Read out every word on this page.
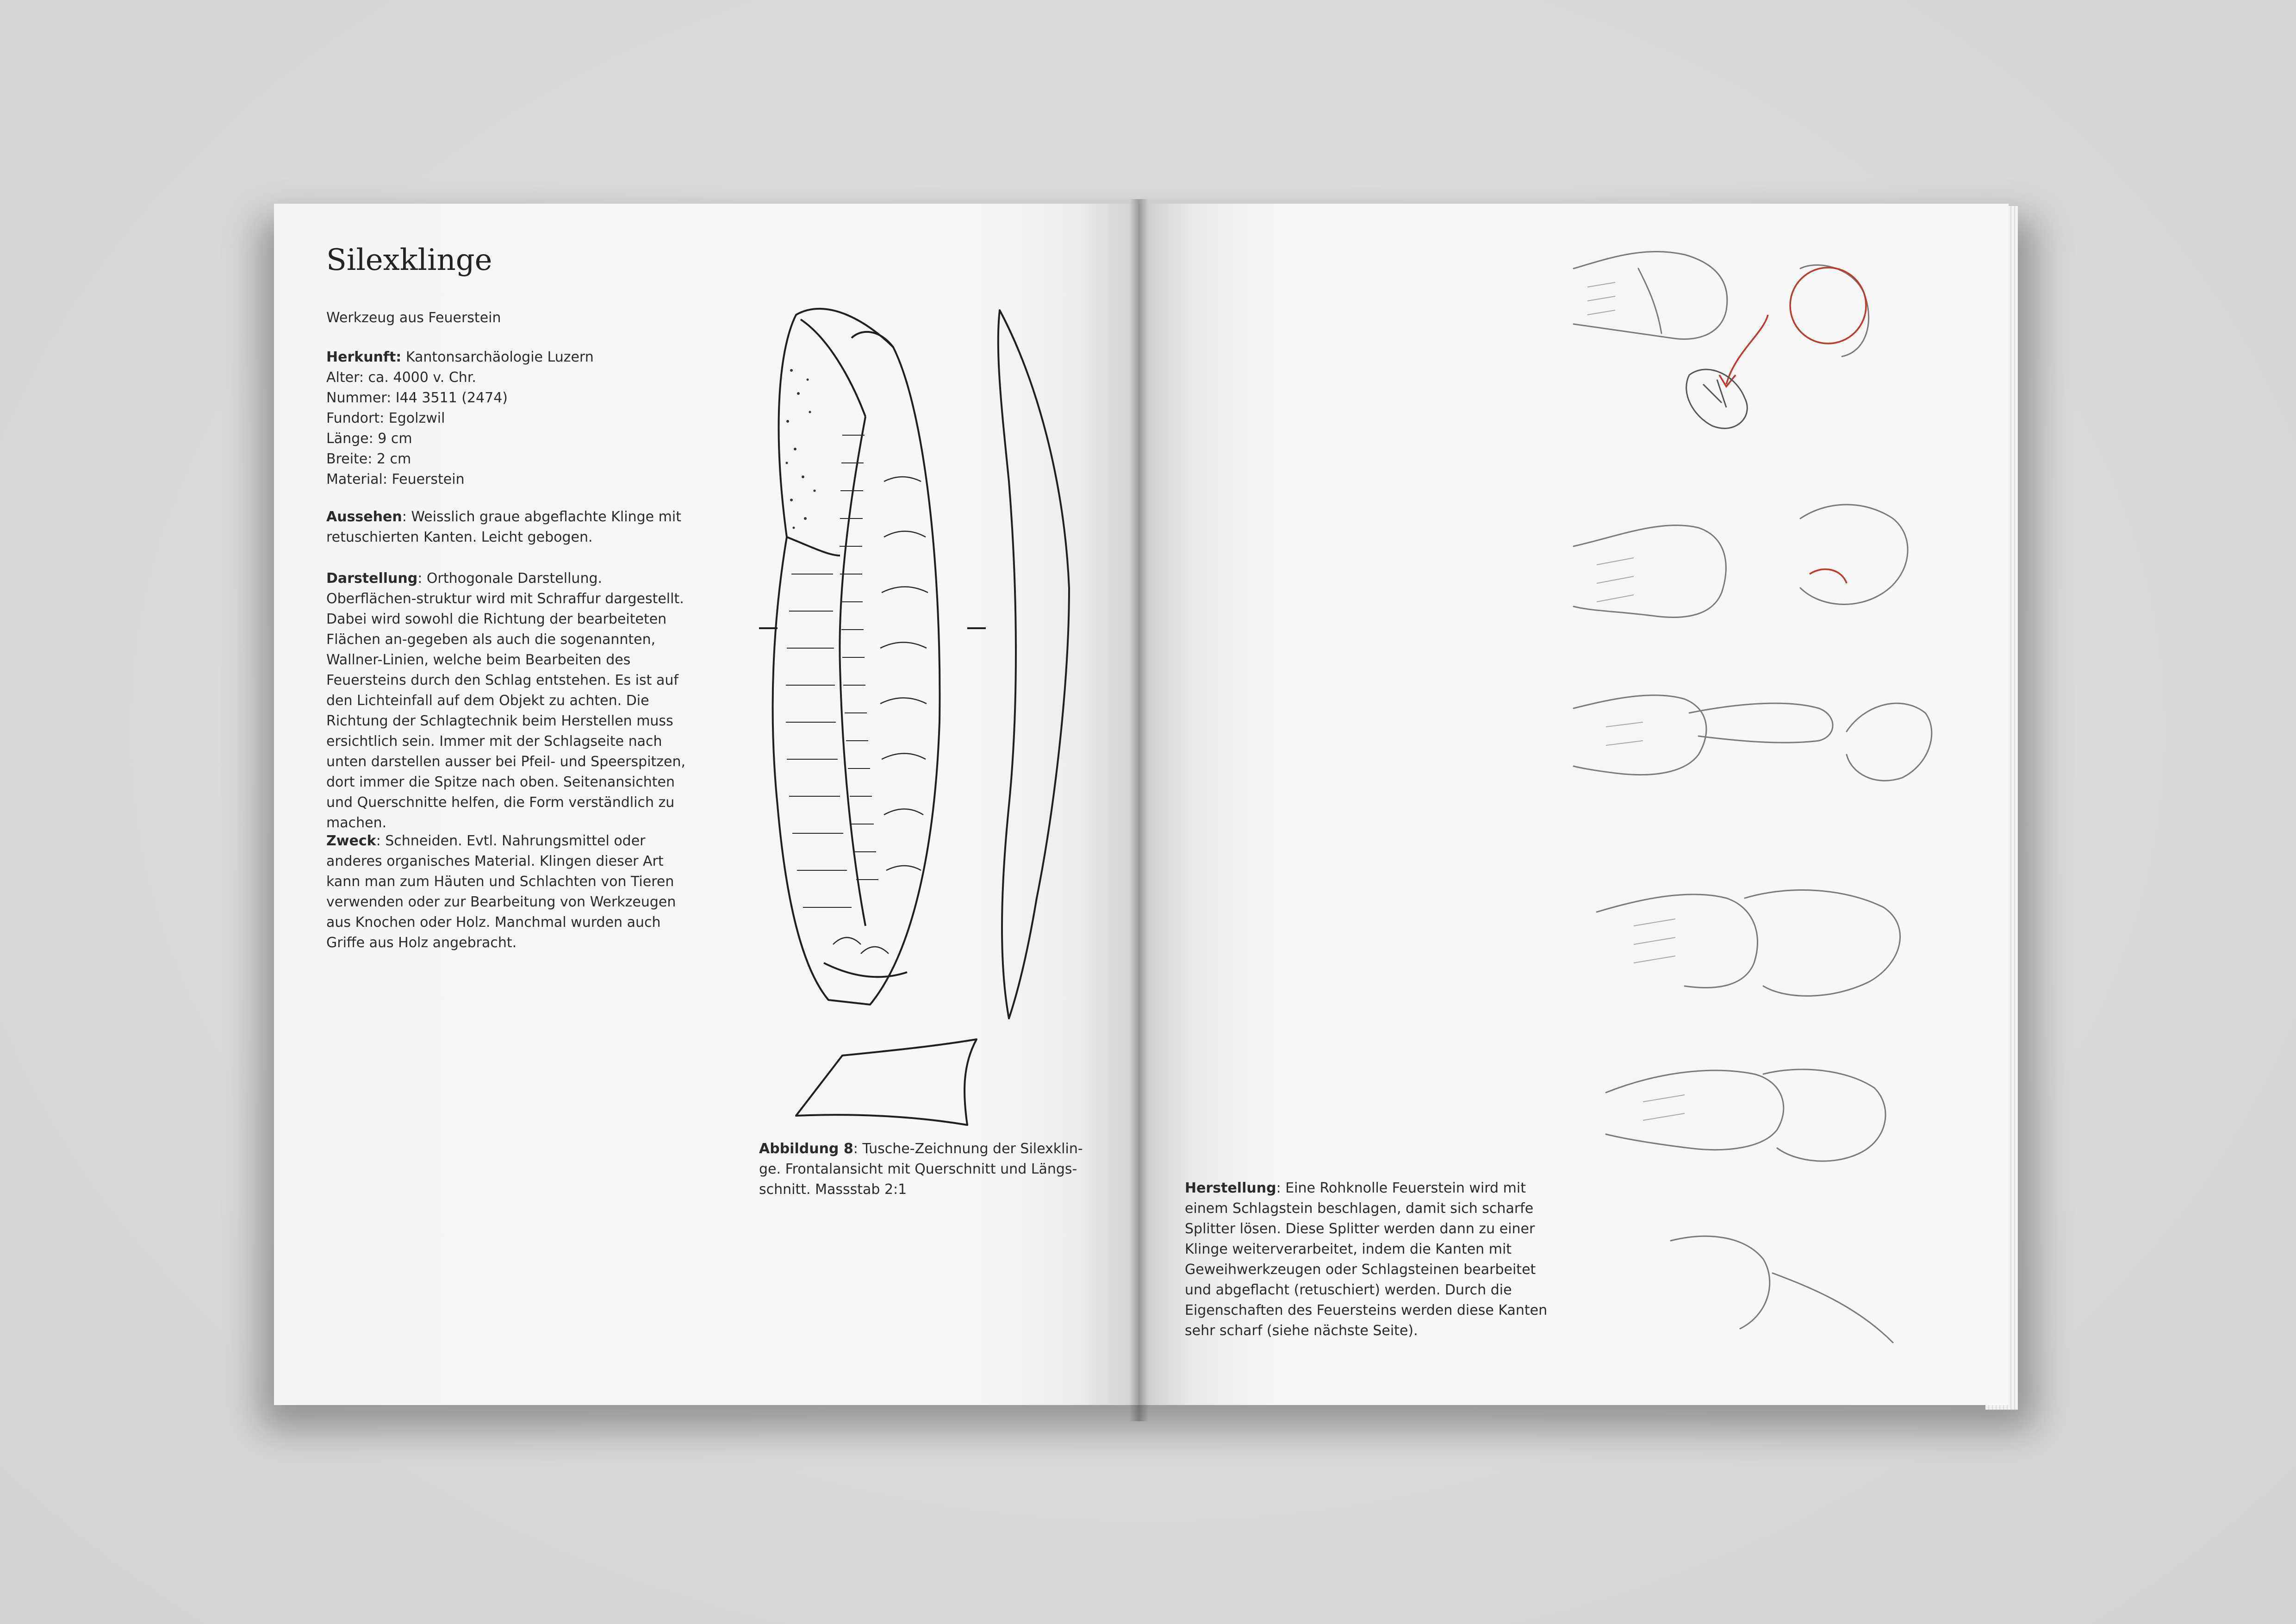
Silexklinge
Werkzeug aus Feuerstein
Herkunft: Kantonsarchäologie Luzern
Alter: ca. 4000 v. Chr.
Nummer: I44 3511 (2474)
Fundort: Egolzwil
Länge: 9 cm
Breite: 2 cm
Material: Feuerstein

Aussehen: Weisslich graue abgeflachte Klinge mit retuschierten Kanten. Leicht gebogen.

Darstellung: Orthogonale Darstellung. Oberflächen-struktur wird mit Schraffur dargestellt. Dabei wird sowohl die Richtung der bearbeiteten Flächen an-gegeben als auch die sogenannten, Wallner-Linien, welche beim Bearbeiten des Feuersteins durch den Schlag entstehen. Es ist auf den Lichteinfall auf dem Objekt zu achten. Die Richtung der Schlagtechnik beim Herstellen muss ersichtlich sein. Immer mit der Schlagseite nach unten darstellen ausser bei Pfeil- und Speerspitzen, dort immer die Spitze nach oben. Seitenansichten und Querschnitte helfen, die Form verständlich zu machen.

Zweck: Schneiden. Evtl. Nahrungsmittel oder anderes organisches Material. Klingen dieser Art kann man zum Häuten und Schlachten von Tieren verwenden oder zur Bearbeitung von Werkzeugen aus Knochen oder Holz. Manchmal wurden auch Griffe aus Holz angebracht.

Abbildung 8: Tusche-Zeichnung der Silexklin-ge. Frontalansicht mit Querschnitt und Längs-schnitt. Massstab 2:1	Herstellung: Eine Rohknolle Feuerstein wird mit einem Schlagstein beschlagen, damit sich scharfe Splitter lösen. Diese Splitter werden dann zu einer Klinge weiterverarbeitet, indem die Kanten mit Geweihwerkzeugen oder Schlagsteinen bearbeitet und abgeflacht (retuschiert) werden. Durch die Eigenschaften des Feuersteins werden diese Kanten sehr scharf (siehe nächste Seite).
